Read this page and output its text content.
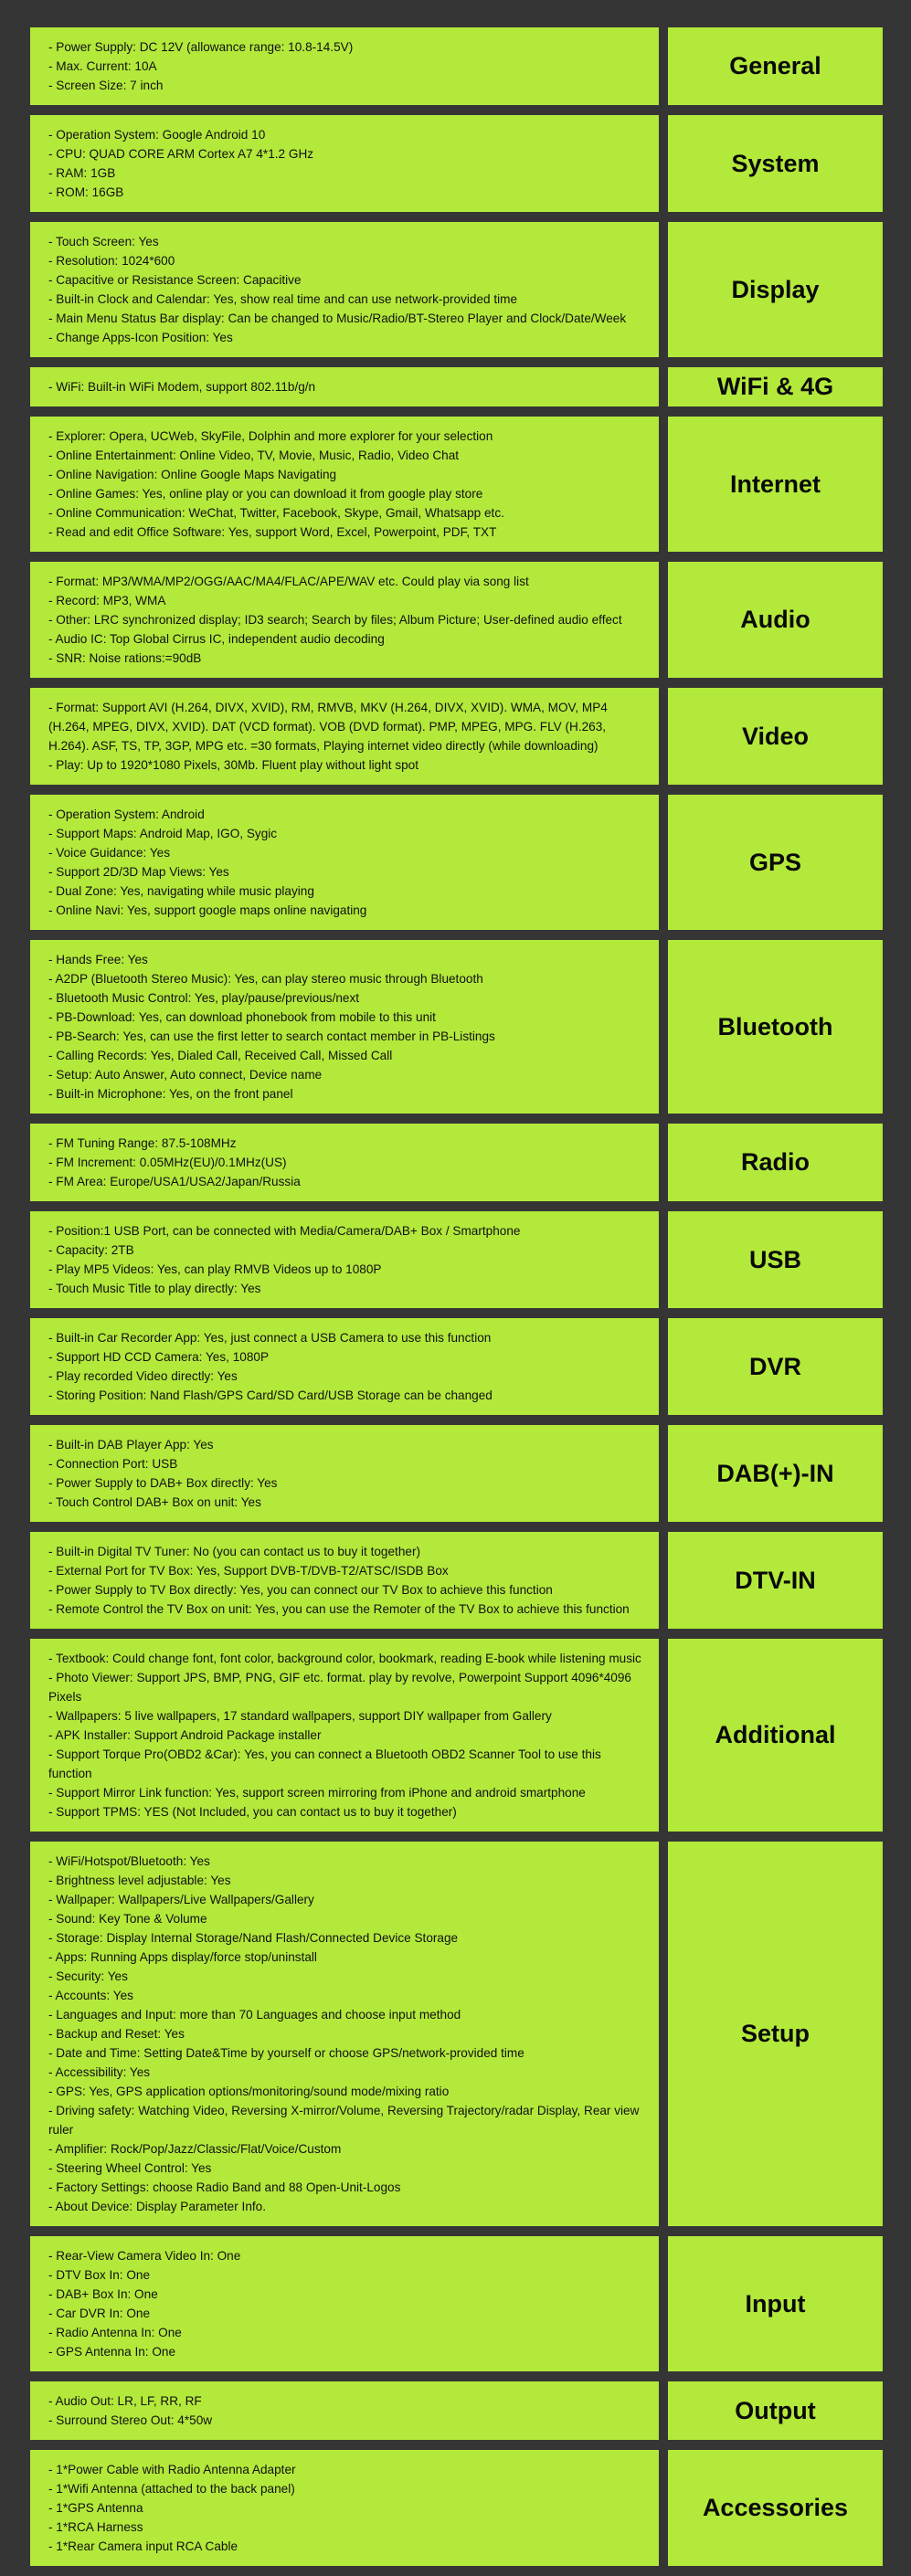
- Power Supply: DC 12V (allowance range: 10.8-14.5V)
- Max. Current: 10A
- Screen Size: 7 inch
General
- Operation System: Google Android 10
- CPU: QUAD CORE ARM Cortex A7 4*1.2 GHz
- RAM: 1GB
- ROM: 16GB
System
- Touch Screen: Yes
- Resolution: 1024*600
- Capacitive or Resistance Screen: Capacitive
- Built-in Clock and Calendar: Yes, show real time and can use network-provided time
- Main Menu Status Bar display: Can be changed to Music/Radio/BT-Stereo Player and Clock/Date/Week
- Change Apps-Icon Position: Yes
Display
- WiFi: Built-in WiFi Modem, support 802.11b/g/n	WiFi & 4G
- Explorer: Opera, UCWeb, SkyFile, Dolphin and more explorer for your selection
- Online Entertainment: Online Video, TV, Movie, Music, Radio, Video Chat
- Online Navigation: Online Google Maps Navigating
- Online Games: Yes, online play or you can download it from google play store
- Online Communication: WeChat, Twitter, Facebook, Skype, Gmail, Whatsapp etc.
- Read and edit Office Software: Yes, support Word, Excel, Powerpoint, PDF, TXT
Internet
- Format: MP3/WMA/MP2/OGG/AAC/MA4/FLAC/APE/WAV etc. Could play via song list
- Record: MP3, WMA
- Other: LRC synchronized display; ID3 search; Search by files; Album Picture; User-defined audio effect
- Audio IC: Top Global Cirrus IC, independent audio decoding
- SNR: Noise rations:=90dB
Audio
- Format: Support AVI (H.264, DIVX, XVID), RM, RMVB, MKV (H.264, DIVX, XVID). WMA, MOV, MP4 (H.264, MPEG, DIVX, XVID). DAT (VCD format). VOB (DVD format). PMP, MPEG, MPG. FLV (H.263, H.264). ASF, TS, TP, 3GP, MPG etc. =30 formats, Playing internet video directly (while downloading)
- Play: Up to 1920*1080 Pixels, 30Mb. Fluent play without light spot
Video
- Operation System: Android
- Support Maps: Android Map, IGO, Sygic
- Voice Guidance: Yes
- Support 2D/3D Map Views: Yes
- Dual Zone: Yes, navigating while music playing
- Online Navi: Yes, support google maps online navigating
GPS
- Hands Free: Yes
- A2DP (Bluetooth Stereo Music): Yes, can play stereo music through Bluetooth
- Bluetooth Music Control: Yes, play/pause/previous/next
- PB-Download: Yes, can download phonebook from mobile to this unit
- PB-Search: Yes, can use the first letter to search contact member in PB-Listings
- Calling Records: Yes, Dialed Call, Received Call, Missed Call
- Setup: Auto Answer, Auto connect, Device name
- Built-in Microphone: Yes, on the front panel
Bluetooth
- FM Tuning Range: 87.5-108MHz
- FM Increment: 0.05MHz(EU)/0.1MHz(US)
- FM Area: Europe/USA1/USA2/Japan/Russia
Radio
- Position:1 USB Port, can be connected with Media/Camera/DAB+ Box / Smartphone
- Capacity: 2TB
- Play MP5 Videos: Yes, can play RMVB Videos up to 1080P
- Touch Music Title to play directly: Yes
USB
- Built-in Car Recorder App: Yes, just connect a USB Camera to use this function
- Support HD CCD Camera: Yes, 1080P
- Play recorded Video directly: Yes
- Storing Position: Nand Flash/GPS Card/SD Card/USB Storage can be changed
DVR
- Built-in DAB Player App: Yes
- Connection Port: USB
- Power Supply to DAB+ Box directly: Yes
- Touch Control DAB+ Box on unit: Yes
DAB(+)-IN
- Built-in Digital TV Tuner: No (you can contact us to buy it together)
- External Port for TV Box: Yes, Support DVB-T/DVB-T2/ATSC/ISDB Box
- Power Supply to TV Box directly: Yes, you can connect our TV Box to achieve this function
- Remote Control the TV Box on unit: Yes, you can use the Remoter of the TV Box to achieve this function
DTV-IN
- Textbook: Could change font, font color, background color, bookmark, reading E-book while listening music
- Photo Viewer: Support JPS, BMP, PNG, GIF etc. format. play by revolve, Powerpoint Support 4096*4096 Pixels
- Wallpapers: 5 live wallpapers, 17 standard wallpapers, support DIY wallpaper from Gallery
- APK Installer: Support Android Package installer
- Support Torque Pro(OBD2 &Car): Yes, you can connect a Bluetooth OBD2 Scanner Tool to use this function
- Support Mirror Link function: Yes, support screen mirroring from iPhone and android smartphone
- Support TPMS: YES (Not Included, you can contact us to buy it together)
Additional
- WiFi/Hotspot/Bluetooth: Yes
- Brightness level adjustable: Yes
- Wallpaper: Wallpapers/Live Wallpapers/Gallery
- Sound: Key Tone & Volume
- Storage: Display Internal Storage/Nand Flash/Connected Device Storage
- Apps: Running Apps display/force stop/uninstall
- Security: Yes
- Accounts: Yes
- Languages and Input: more than 70 Languages and choose input method
- Backup and Reset: Yes
- Date and Time: Setting Date&Time by yourself or choose GPS/network-provided time
- Accessibility: Yes
- GPS: Yes, GPS application options/monitoring/sound mode/mixing ratio
- Driving safety: Watching Video, Reversing X-mirror/Volume, Reversing Trajectory/radar Display, Rear view ruler
- Amplifier: Rock/Pop/Jazz/Classic/Flat/Voice/Custom
- Steering Wheel Control: Yes
- Factory Settings: choose Radio Band and 88 Open-Unit-Logos
- About Device: Display Parameter Info.
Setup
- Rear-View Camera Video In: One
- DTV Box In: One
- DAB+ Box In: One
- Car DVR In: One
- Radio Antenna In: One
- GPS Antenna In: One
Input
- Audio Out: LR, LF, RR, RF
- Surround Stereo Out: 4*50w	Output
- 1*Power Cable with Radio Antenna Adapter
- 1*Wifi Antenna (attached to the back panel)
- 1*GPS Antenna
- 1*RCA Harness
- 1*Rear Camera input RCA Cable
Accessories
